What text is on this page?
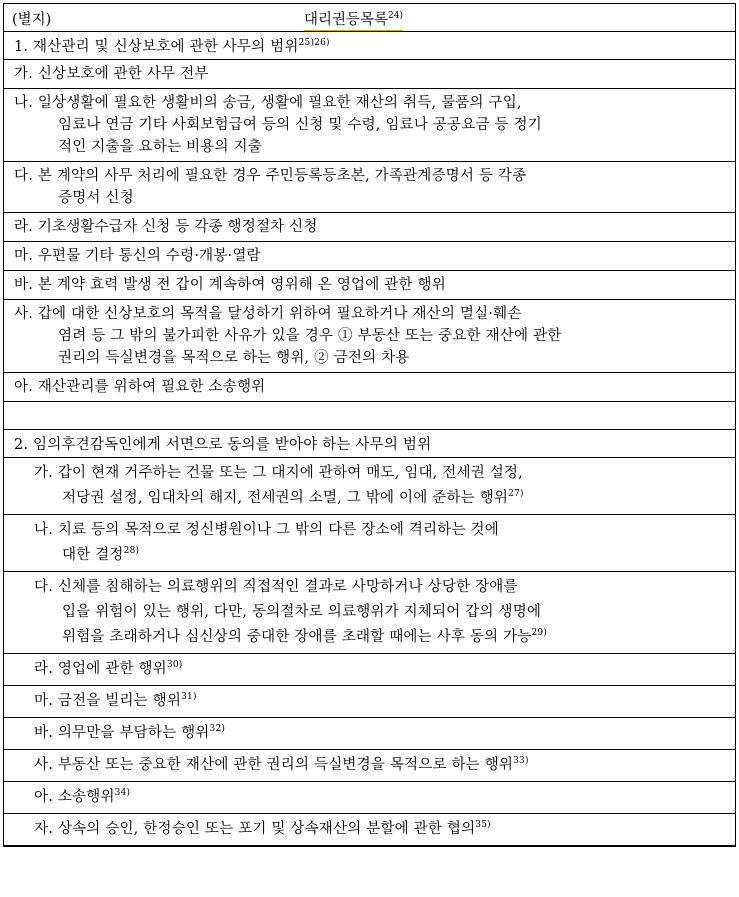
(별지)	대리권등목록$^{24)}$
1. 재산관리 및 신상보호에 관한 사무의 범위$^{25)26)}$
가. 신상보호에 관한 사무 전부
나. 일상생활에 필요한 생활비의 송금, 생활에 필요한 재산의 취득, 물품의 구입,
임료나 연금 기타 사회보험급여 등의 신청 및 수령, 임료나 공공요금 등 정기
적인 지출을 요하는 비용의 지출
다. 본 계약의 사무 처리에 필요한 경우 주민등록등초본, 가족관계증명서 등 각종
증명서 신청
라. 기초생활수급자 신청 등 각종 행정절차 신청
마. 우편물 기타 통신의 수령·개봉·열람
바. 본 계약 효력 발생 전 갑이 계속하여 영위해 온 영업에 관한 행위
사. 갑에 대한 신상보호의 목적을 달성하기 위하여 필요하거나 재산의 멸실·훼손
염려 등 그 밖의 불가피한 사유가 있을 경우 ① 부동산 또는 중요한 재산에 관한
권리의 득실변경을 목적으로 하는 행위, ② 금전의 차용
아. 재산관리를 위하여 필요한 소송행위
2. 임의후견감독인에게 서면으로 동의를 받아야 하는 사무의 범위
가. 갑이 현재 거주하는 건물 또는 그 대지에 관하여 매도, 임대, 전세권 설정,
저당권 설정, 임대차의 해지, 전세권의 소멸, 그 밖에 이에 준하는 행위$^{27)}$
나. 치료 등의 목적으로 정신병원이나 그 밖의 다른 장소에 격리하는 것에
대한 결정$^{28)}$
다. 신체를 침해하는 의료행위의 직접적인 결과로 사망하거나 상당한 장애를
입을 위험이 있는 행위, 다만, 동의절차로 의료행위가 지체되어 갑의 생명에
위험을 초래하거나 심신상의 중대한 장애를 초래할 때에는 사후 동의 가능$^{29)}$
라. 영업에 관한 행위$^{30)}$
마. 금전을 빌리는 행위$^{31)}$
바. 의무만을 부담하는 행위$^{32)}$
사. 부동산 또는 중요한 재산에 관한 권리의 득실변경을 목적으로 하는 행위$^{33)}$
아. 소송행위$^{34)}$
자. 상속의 승인, 한정승인 또는 포기 및 상속재산의 분할에 관한 협의$^{35)}$
